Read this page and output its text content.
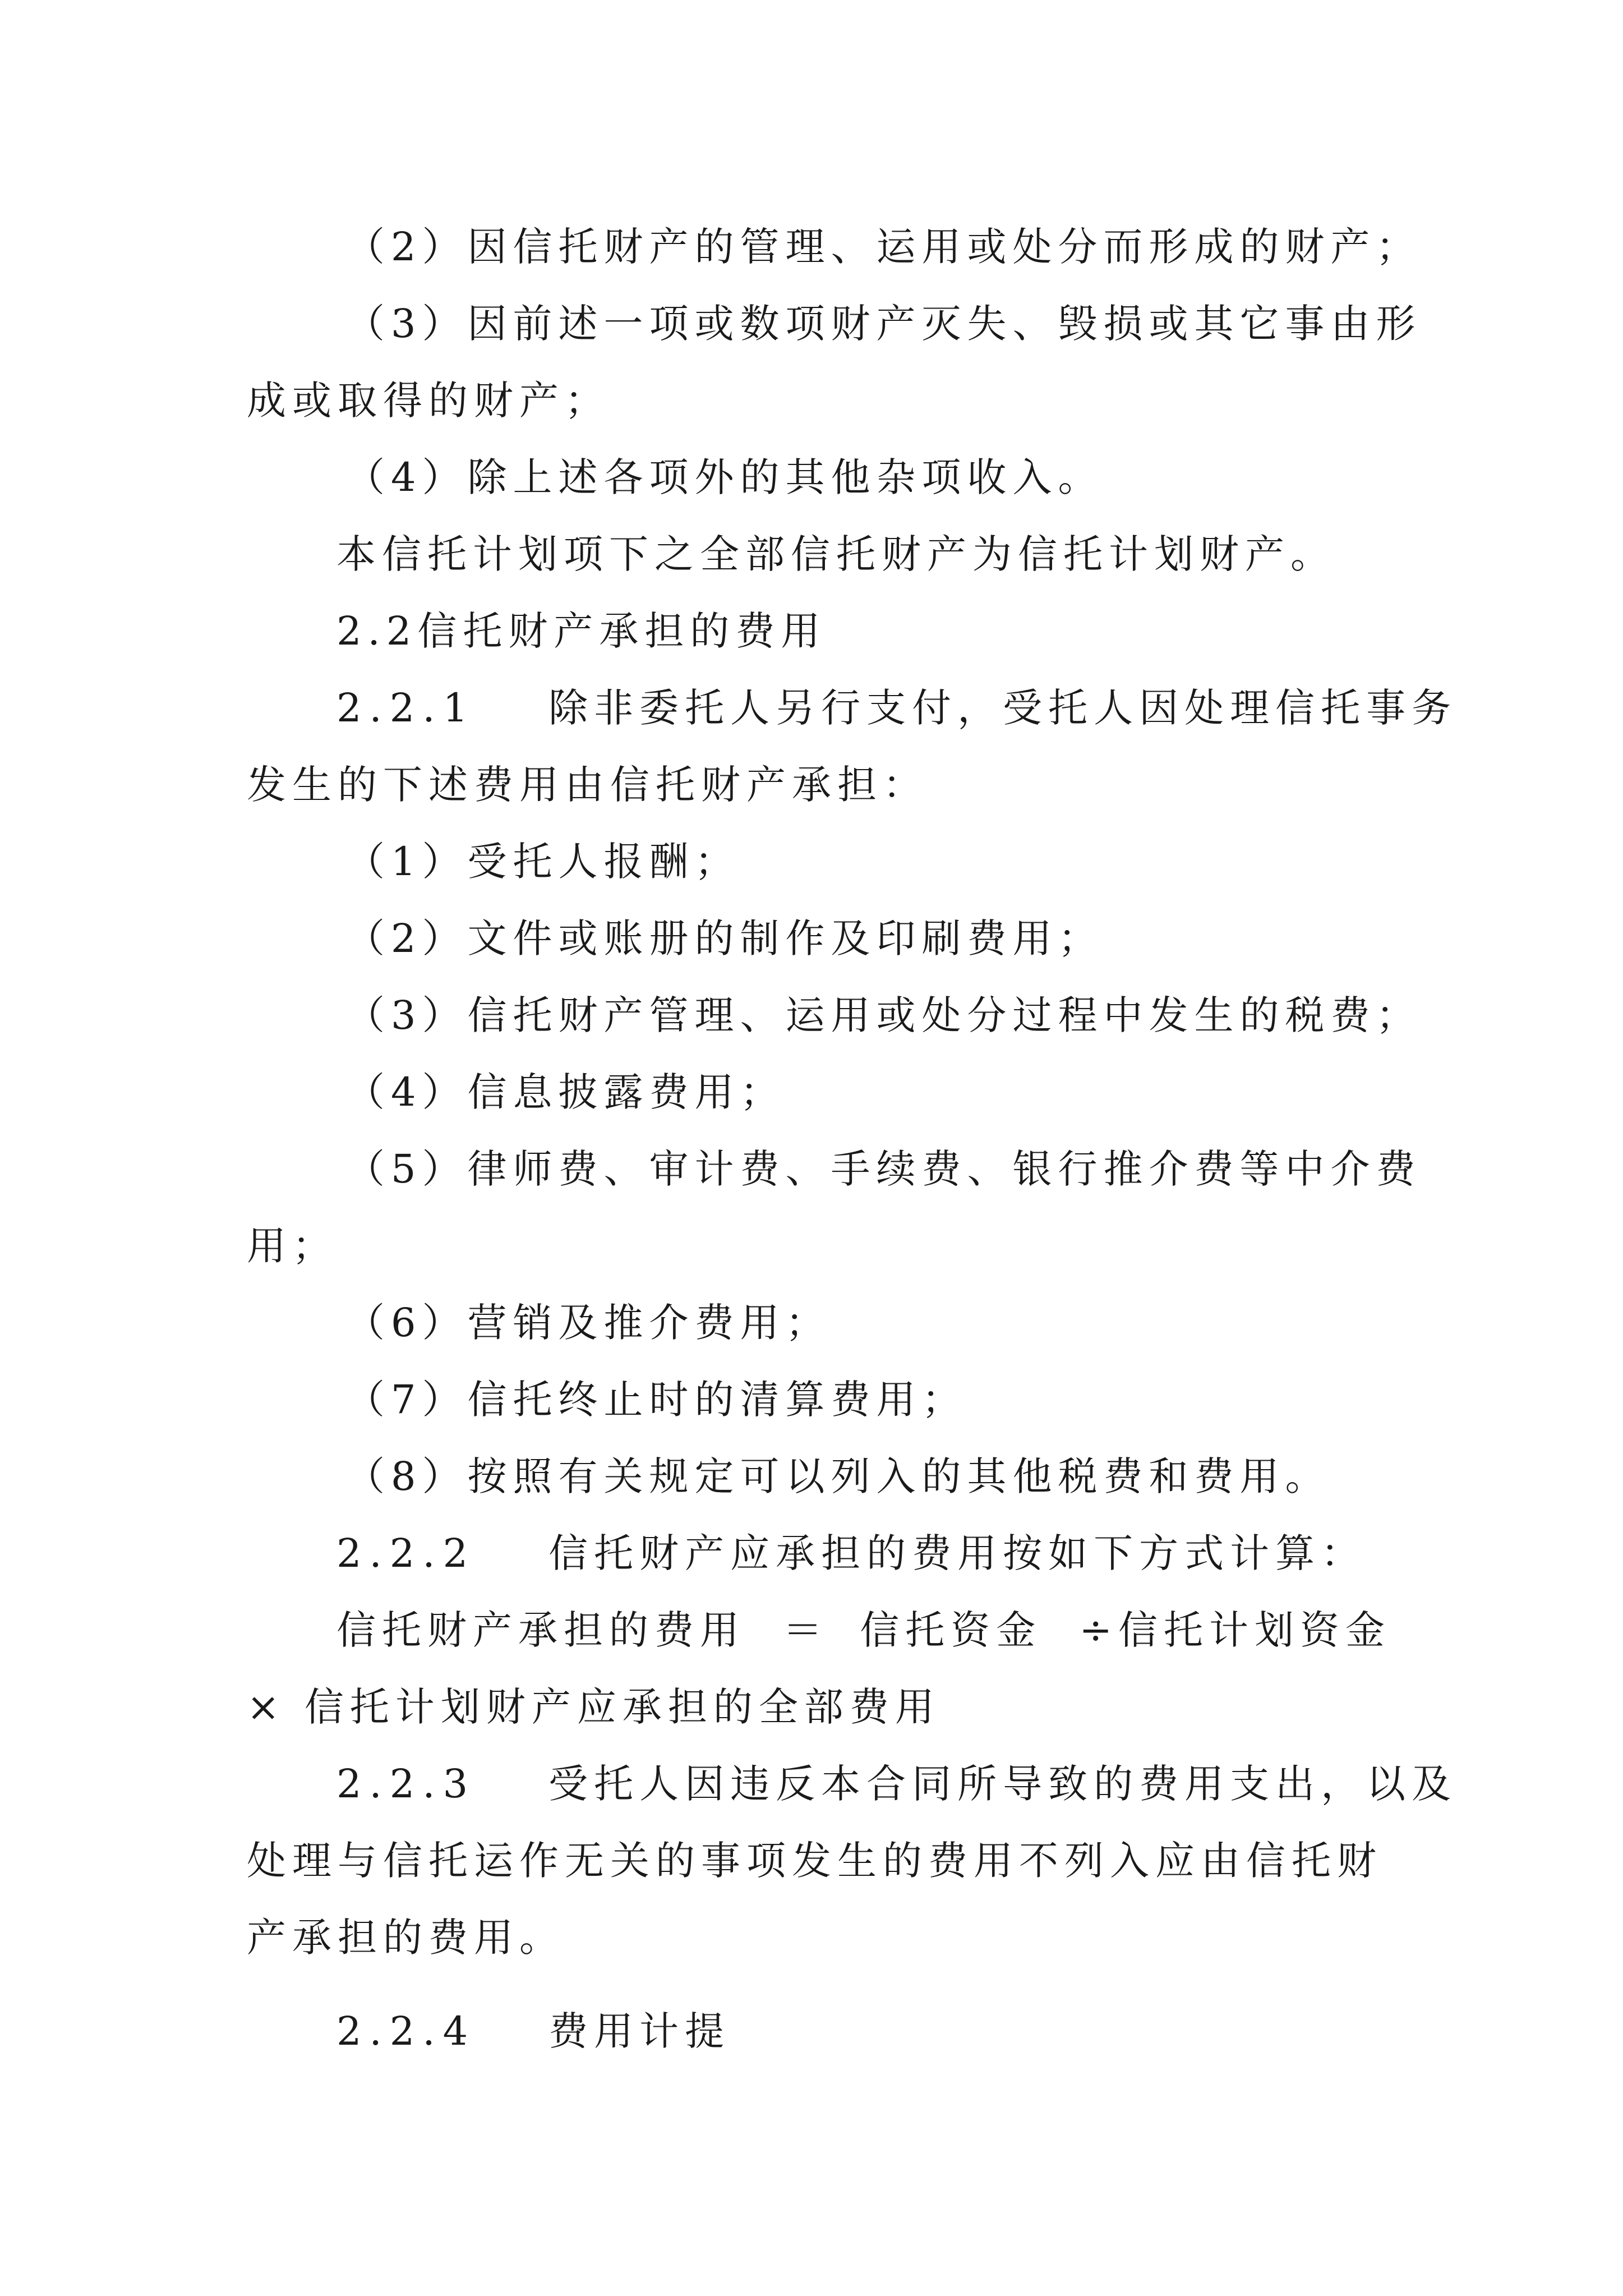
（2）因信托财产的管理、运用或处分而形成的财产；
（3）因前述一项或数项财产灭失、毁损或其它事由形
成或取得的财产；
（4）除上述各项外的其他杂项收入。
本信托计划项下之全部信托财产为信托计划财产。
2.2信托财产承担的费用
2.2.1 除非委托人另行支付，受托人因处理信托事务
发生的下述费用由信托财产承担：
（1）受托人报酬；
（2）文件或账册的制作及印刷费用；
（3）信托财产管理、运用或处分过程中发生的税费；
（4）信息披露费用；
（5）律师费、审计费、手续费、银行推介费等中介费
用；
（6）营销及推介费用；
（7）信托终止时的清算费用；
（8）按照有关规定可以列入的其他税费和费用。
2.2.2 信托财产应承担的费用按如下方式计算：
信托财产承担的费用 ＝ 信托资金 ÷信托计划资金
× 信托计划财产应承担的全部费用
2.2.3 受托人因违反本合同所导致的费用支出，以及
处理与信托运作无关的事项发生的费用不列入应由信托财
产承担的费用。
2.2.4 费用计提
